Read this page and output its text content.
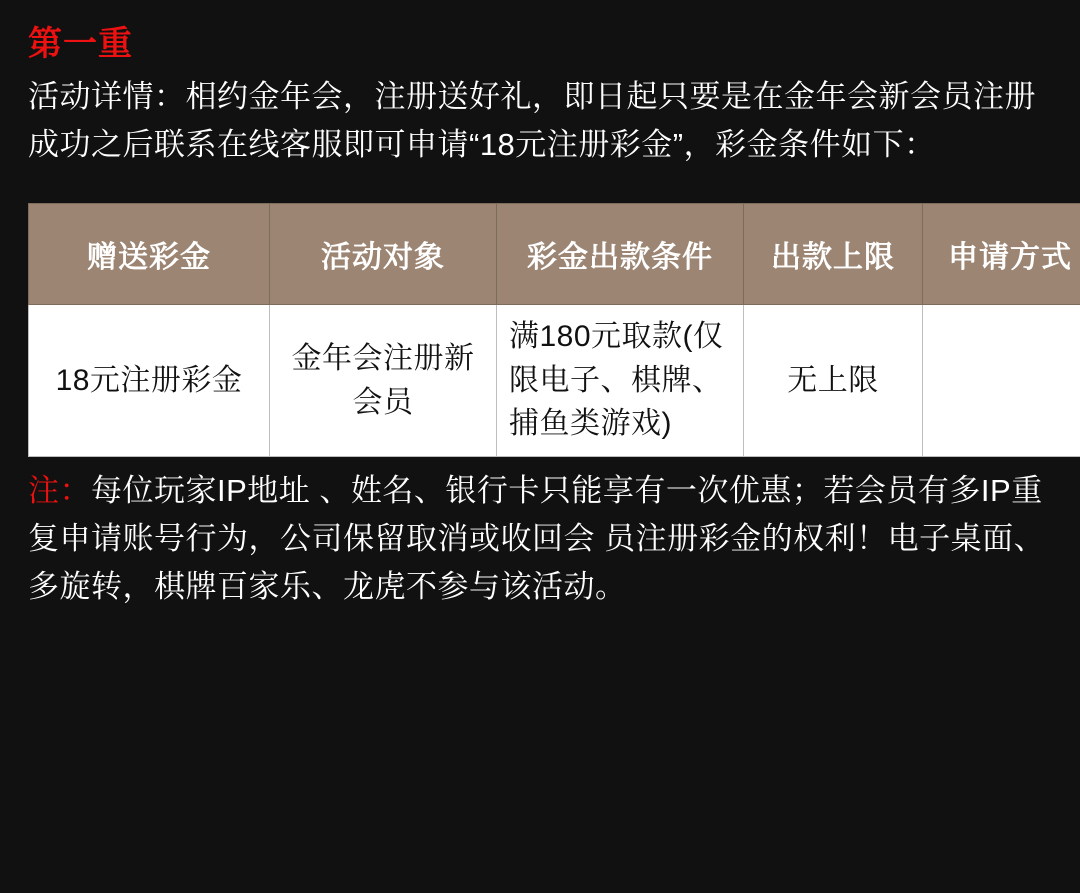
第一重
活动详情：相约金年会，注册送好礼，即日起只要是在金年会新会员注册成功之后联系在线客服即可申请“18元注册彩金”，彩金条件如下：
赠送彩金	活动对象	彩金出款条件	出款上限	申请方式
18元注册彩金	金年会注册新会员	满180元取款(仅限电子、棋牌、捕鱼类游戏)	无上限	
注：每位玩家IP地址 、姓名、银行卡只能享有一次优惠；若会员有多IP重复申请账号行为，公司保留取消或收回会 员注册彩金的权利！电子桌面、多旋转，棋牌百家乐、龙虎不参与该活动。
